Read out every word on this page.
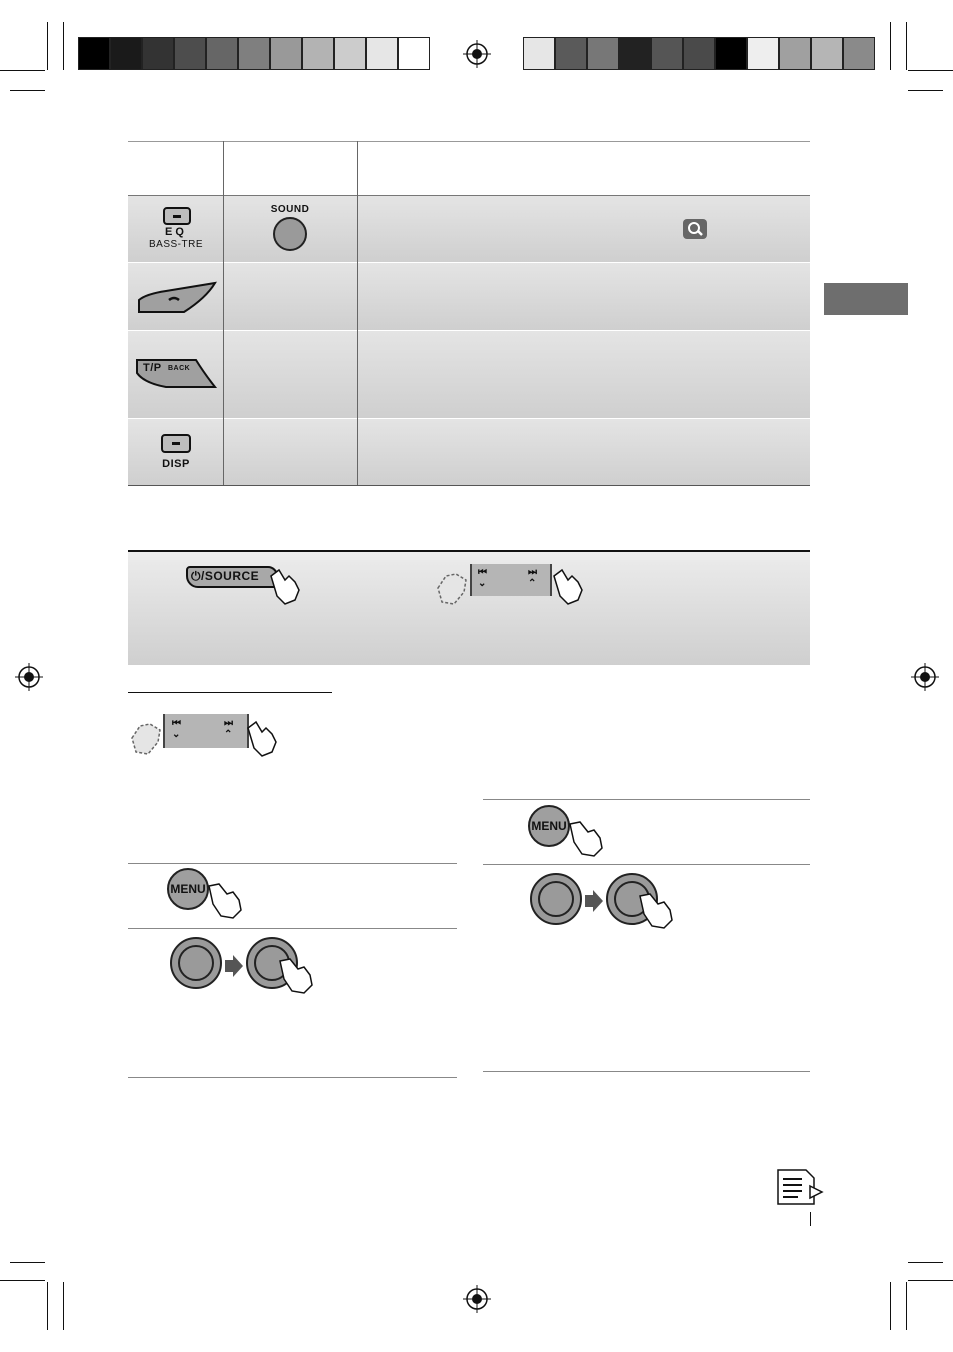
EQ
BASS-TRE
SOUND
T/P BACK
DISP
⏻/SOURCE	⏮
⌄
⏭
⌃
⏮
⌄
⏭
⌃
MENU
MENU
